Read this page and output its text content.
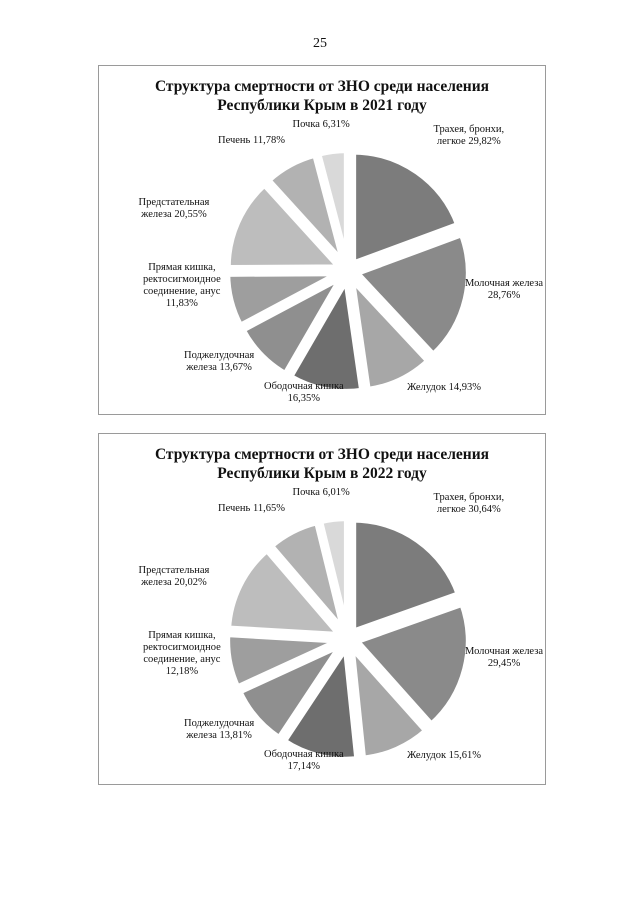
25
Структура смертности от ЗНО среди населения
Республики Крым в 2021 году
Трахея, бронхи,
легкое 29,82%
Молочная железа
28,76%
Желудок 14,93%
Ободочная кишка
16,35%
Поджелудочная
железа 13,67%
Прямая кишка,
ректосигмоидное
соединение, анус
11,83%
Предстательная
железа 20,55%
Печень 11,78%
Почка 6,31%
Структура смертности от ЗНО среди населения
Республики Крым в 2022 году
Трахея, бронхи,
легкое 30,64%
Молочная железа
29,45%
Желудок 15,61%
Ободочная кишка
17,14%
Поджелудочная
железа 13,81%
Прямая кишка,
ректосигмоидное
соединение, анус
12,18%
Предстательная
железа 20,02%
Печень 11,65%
Почка 6,01%
